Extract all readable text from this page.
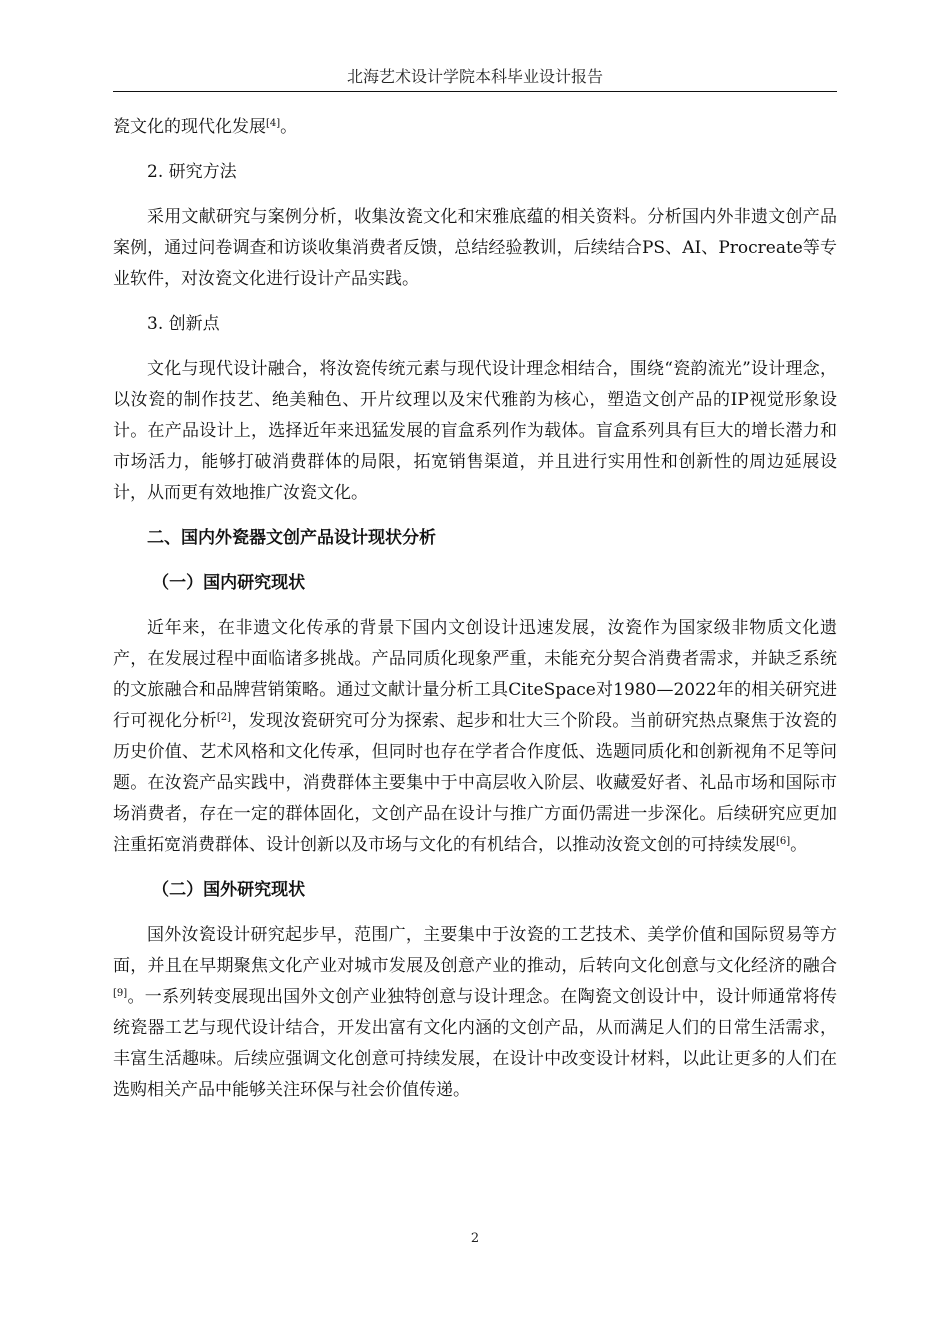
北海艺术设计学院本科毕业设计报告

瓷文化的现代化发展[4]。

2. 研究方法

采用文献研究与案例分析，收集汝瓷文化和宋雅底蕴的相关资料。分析国内外非遗文创产品案例，通过问卷调查和访谈收集消费者反馈，总结经验教训，后续结合PS、AI、Procreate等专业软件，对汝瓷文化进行设计产品实践。

3. 创新点

文化与现代设计融合，将汝瓷传统元素与现代设计理念相结合，围绕“瓷韵流光”设计理念，以汝瓷的制作技艺、绝美釉色、开片纹理以及宋代雅韵为核心，塑造文创产品的IP视觉形象设计。在产品设计上，选择近年来迅猛发展的盲盒系列作为载体。盲盒系列具有巨大的增长潜力和市场活力，能够打破消费群体的局限，拓宽销售渠道，并且进行实用性和创新性的周边延展设计，从而更有效地推广汝瓷文化。

二、国内外瓷器文创产品设计现状分析
（一）国内研究现状

近年来，在非遗文化传承的背景下国内文创设计迅速发展，汝瓷作为国家级非物质文化遗产，在发展过程中面临诸多挑战。产品同质化现象严重，未能充分契合消费者需求，并缺乏系统的文旅融合和品牌营销策略。通过文献计量分析工具CiteSpace对1980—2022年的相关研究进行可视化分析[2]，发现汝瓷研究可分为探索、起步和壮大三个阶段。当前研究热点聚焦于汝瓷的历史价值、艺术风格和文化传承，但同时也存在学者合作度低、选题同质化和创新视角不足等问题。在汝瓷产品实践中，消费群体主要集中于中高层收入阶层、收藏爱好者、礼品市场和国际市场消费者，存在一定的群体固化，文创产品在设计与推广方面仍需进一步深化。后续研究应更加注重拓宽消费群体、设计创新以及市场与文化的有机结合，以推动汝瓷文创的可持续发展[6]。

（二）国外研究现状

国外汝瓷设计研究起步早，范围广，主要集中于汝瓷的工艺技术、美学价值和国际贸易等方面，并且在早期聚焦文化产业对城市发展及创意产业的推动，后转向文化创意与文化经济的融合[9]。一系列转变展现出国外文创产业独特创意与设计理念。在陶瓷文创设计中，设计师通常将传统瓷器工艺与现代设计结合，开发出富有文化内涵的文创产品，从而满足人们的日常生活需求，丰富生活趣味。后续应强调文化创意可持续发展，在设计中改变设计材料，以此让更多的人们在选购相关产品中能够关注环保与社会价值传递。

2
